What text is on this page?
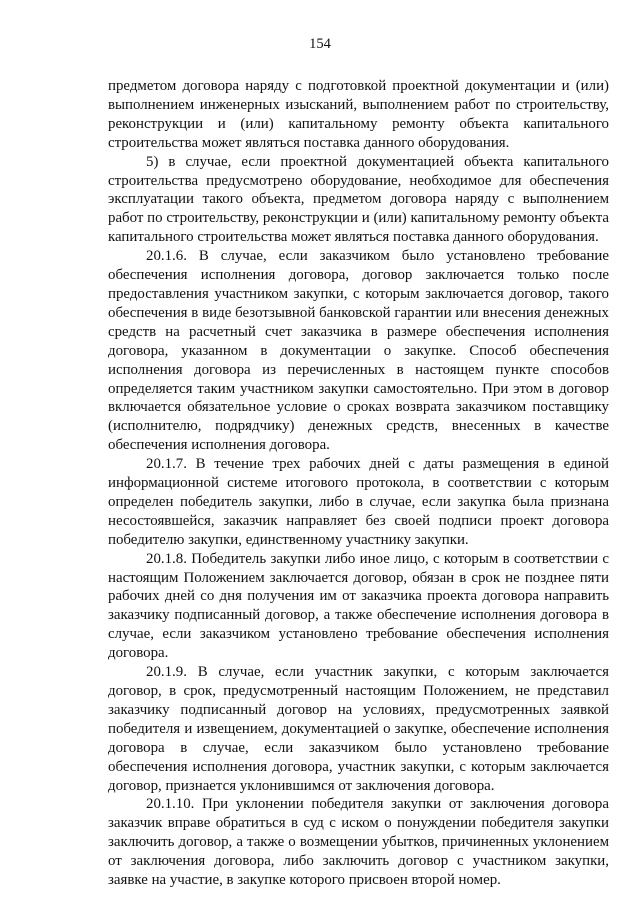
154

предметом договора наряду с подготовкой проектной документации и (или) выполнением инженерных изысканий, выполнением работ по строительству, реконструкции и (или) капитальному ремонту объекта капитального строительства может являться поставка данного оборудования.

5) в случае, если проектной документацией объекта капитального строительства предусмотрено оборудование, необходимое для обеспечения эксплуатации такого объекта, предметом договора наряду с выполнением работ по строительству, реконструкции и (или) капитальному ремонту объекта капитального строительства может являться поставка данного оборудования.

20.1.6. В случае, если заказчиком было установлено требование обеспечения исполнения договора, договор заключается только после предоставления участником закупки, с которым заключается договор, такого обеспечения в виде безотзывной банковской гарантии или внесения денежных средств на расчетный счет заказчика в размере обеспечения исполнения договора, указанном в документации о закупке. Способ обеспечения исполнения договора из перечисленных в настоящем пункте способов определяется таким участником закупки самостоятельно. При этом в договор включается обязательное условие о сроках возврата заказчиком поставщику (исполнителю, подрядчику) денежных средств, внесенных в качестве обеспечения исполнения договора.

20.1.7. В течение трех рабочих дней с даты размещения в единой информационной системе итогового протокола, в соответствии с которым определен победитель закупки, либо в случае, если закупка была признана несостоявшейся, заказчик направляет без своей подписи проект договора победителю закупки, единственному участнику закупки.

20.1.8. Победитель закупки либо иное лицо, с которым в соответствии с настоящим Положением заключается договор, обязан в срок не позднее пяти рабочих дней со дня получения им от заказчика проекта договора направить заказчику подписанный договор, а также обеспечение исполнения договора в случае, если заказчиком установлено требование обеспечения исполнения договора.

20.1.9. В случае, если участник закупки, с которым заключается договор, в срок, предусмотренный настоящим Положением, не представил заказчику подписанный договор на условиях, предусмотренных заявкой победителя и извещением, документацией о закупке, обеспечение исполнения договора в случае, если заказчиком было установлено требование обеспечения исполнения договора, участник закупки, с которым заключается договор, признается уклонившимся от заключения договора.

20.1.10. При уклонении победителя закупки от заключения договора заказчик вправе обратиться в суд с иском о понуждении победителя закупки заключить договор, а также о возмещении убытков, причиненных уклонением от заключения договора, либо заключить договор с участником закупки, заявке на участие, в закупке которого присвоен второй номер.
